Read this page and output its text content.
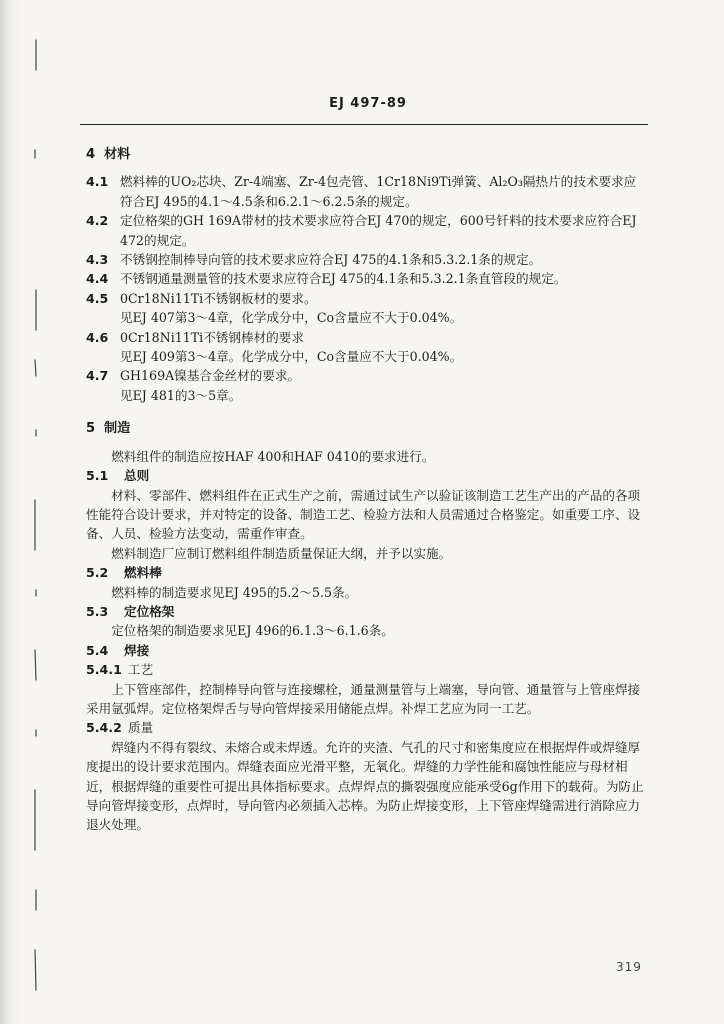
EJ 497-89

4 材料

4.1 燃料棒的UO₂芯块、Zr-4端塞、Zr-4包壳管、1Cr18Ni9Ti弹簧、Al₂O₃隔热片的技术要求应符合EJ 495的4.1～4.5条和6.2.1～6.2.5条的规定。

4.2 定位格架的GH 169A带材的技术要求应符合EJ 470的规定，600号钎料的技术要求应符合EJ 472的规定。

4.3 不锈钢控制棒导向管的技术要求应符合EJ 475的4.1条和5.3.2.1条的规定。

4.4 不锈钢通量测量管的技术要求应符合EJ 475的4.1条和5.3.2.1条直管段的规定。

4.5 0Cr18Ni11Ti不锈钢板材的要求。

见EJ 407第3～4章，化学成分中，Co含量应不大于0.04%。

4.6 0Cr18Ni11Ti不锈钢棒材的要求

见EJ 409第3～4章。化学成分中，Co含量应不大于0.04%。

4.7 GH169A镍基合金丝材的要求。

见EJ 481的3～5章。

5 制造

燃料组件的制造应按HAF 400和HAF 0410的要求进行。

5.1 总则

材料、零部件、燃料组件在正式生产之前，需通过试生产以验证该制造工艺生产出的产品的各项性能符合设计要求，并对特定的设备、制造工艺、检验方法和人员需通过合格鉴定。如重要工序、设备、人员、检验方法变动，需重作审查。

燃料制造厂应制订燃料组件制造质量保证大纲，并予以实施。

5.2 燃料棒

燃料棒的制造要求见EJ 495的5.2～5.5条。

5.3 定位格架

定位格架的制造要求见EJ 496的6.1.3～6.1.6条。

5.4 焊接

5.4.1 工艺

上下管座部件，控制棒导向管与连接螺栓，通量测量管与上端塞，导向管、通量管与上管座焊接采用氩弧焊。定位格架焊舌与导向管焊接采用储能点焊。补焊工艺应为同一工艺。

5.4.2 质量

焊缝内不得有裂纹、未熔合或未焊透。允许的夹渣、气孔的尺寸和密集度应在根据焊件或焊缝厚度提出的设计要求范围内。焊缝表面应光滑平整，无氧化。焊缝的力学性能和腐蚀性能应与母材相近，根据焊缝的重要性可提出具体指标要求。点焊焊点的撕裂强度应能承受6g作用下的载荷。为防止导向管焊接变形，点焊时，导向管内必须插入芯棒。为防止焊接变形，上下管座焊缝需进行消除应力退火处理。

319
